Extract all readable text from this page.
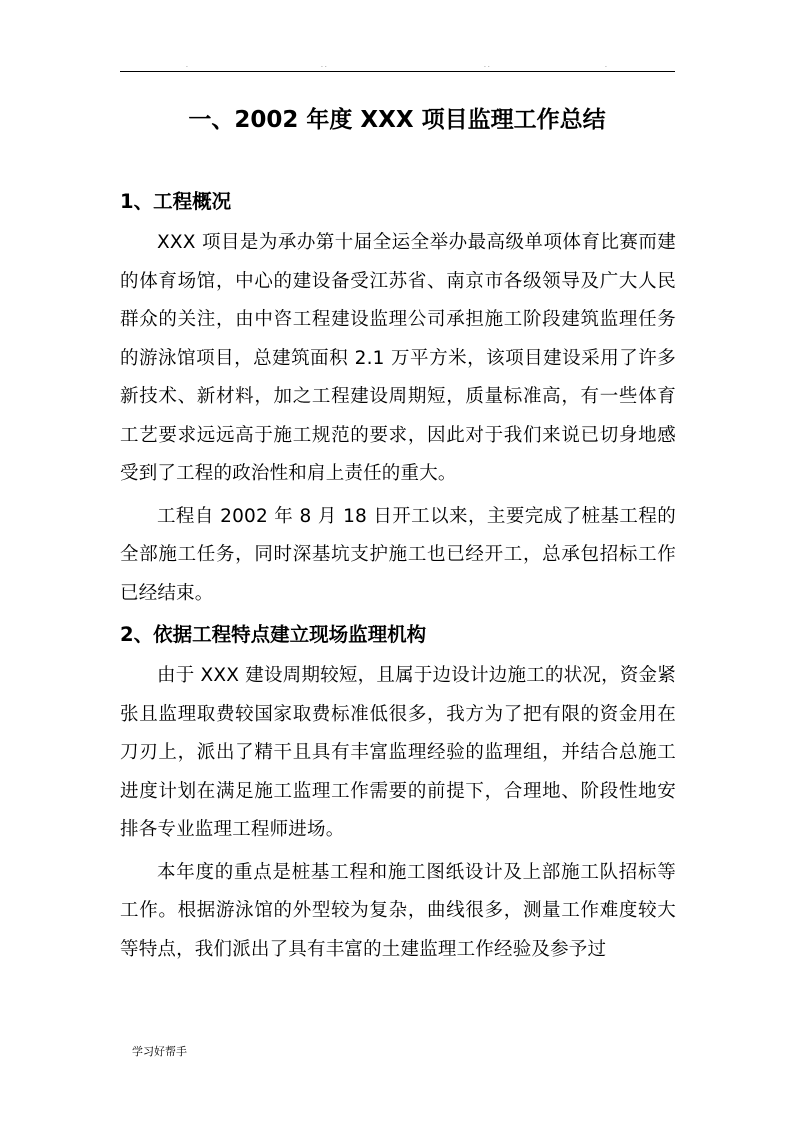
.	. .	. .	.
一、2002 年度 XXX 项目监理工作总结
1、工程概况

XXX 项目是为承办第十届全运全举办最高级单项体育比赛而建的体育场馆，中心的建设备受江苏省、南京市各级领导及广大人民群众的关注，由中咨工程建设监理公司承担施工阶段建筑监理任务的游泳馆项目，总建筑面积 2.1 万平方米，该项目建设采用了许多新技术、新材料，加之工程建设周期短，质量标准高，有一些体育工艺要求远远高于施工规范的要求，因此对于我们来说已切身地感受到了工程的政治性和肩上责任的重大。

工程自 2002 年 8 月 18 日开工以来，主要完成了桩基工程的全部施工任务，同时深基坑支护施工也已经开工，总承包招标工作已经结束。

2、依据工程特点建立现场监理机构

由于 XXX 建设周期较短，且属于边设计边施工的状况，资金紧张且监理取费较国家取费标准低很多，我方为了把有限的资金用在刀刃上，派出了精干且具有丰富监理经验的监理组，并结合总施工进度计划在满足施工监理工作需要的前提下，合理地、阶段性地安排各专业监理工程师进场。

本年度的重点是桩基工程和施工图纸设计及上部施工队招标等工作。根据游泳馆的外型较为复杂，曲线很多，测量工作难度较大等特点，我们派出了具有丰富的土建监理工作经验及参予过

学习好帮手
